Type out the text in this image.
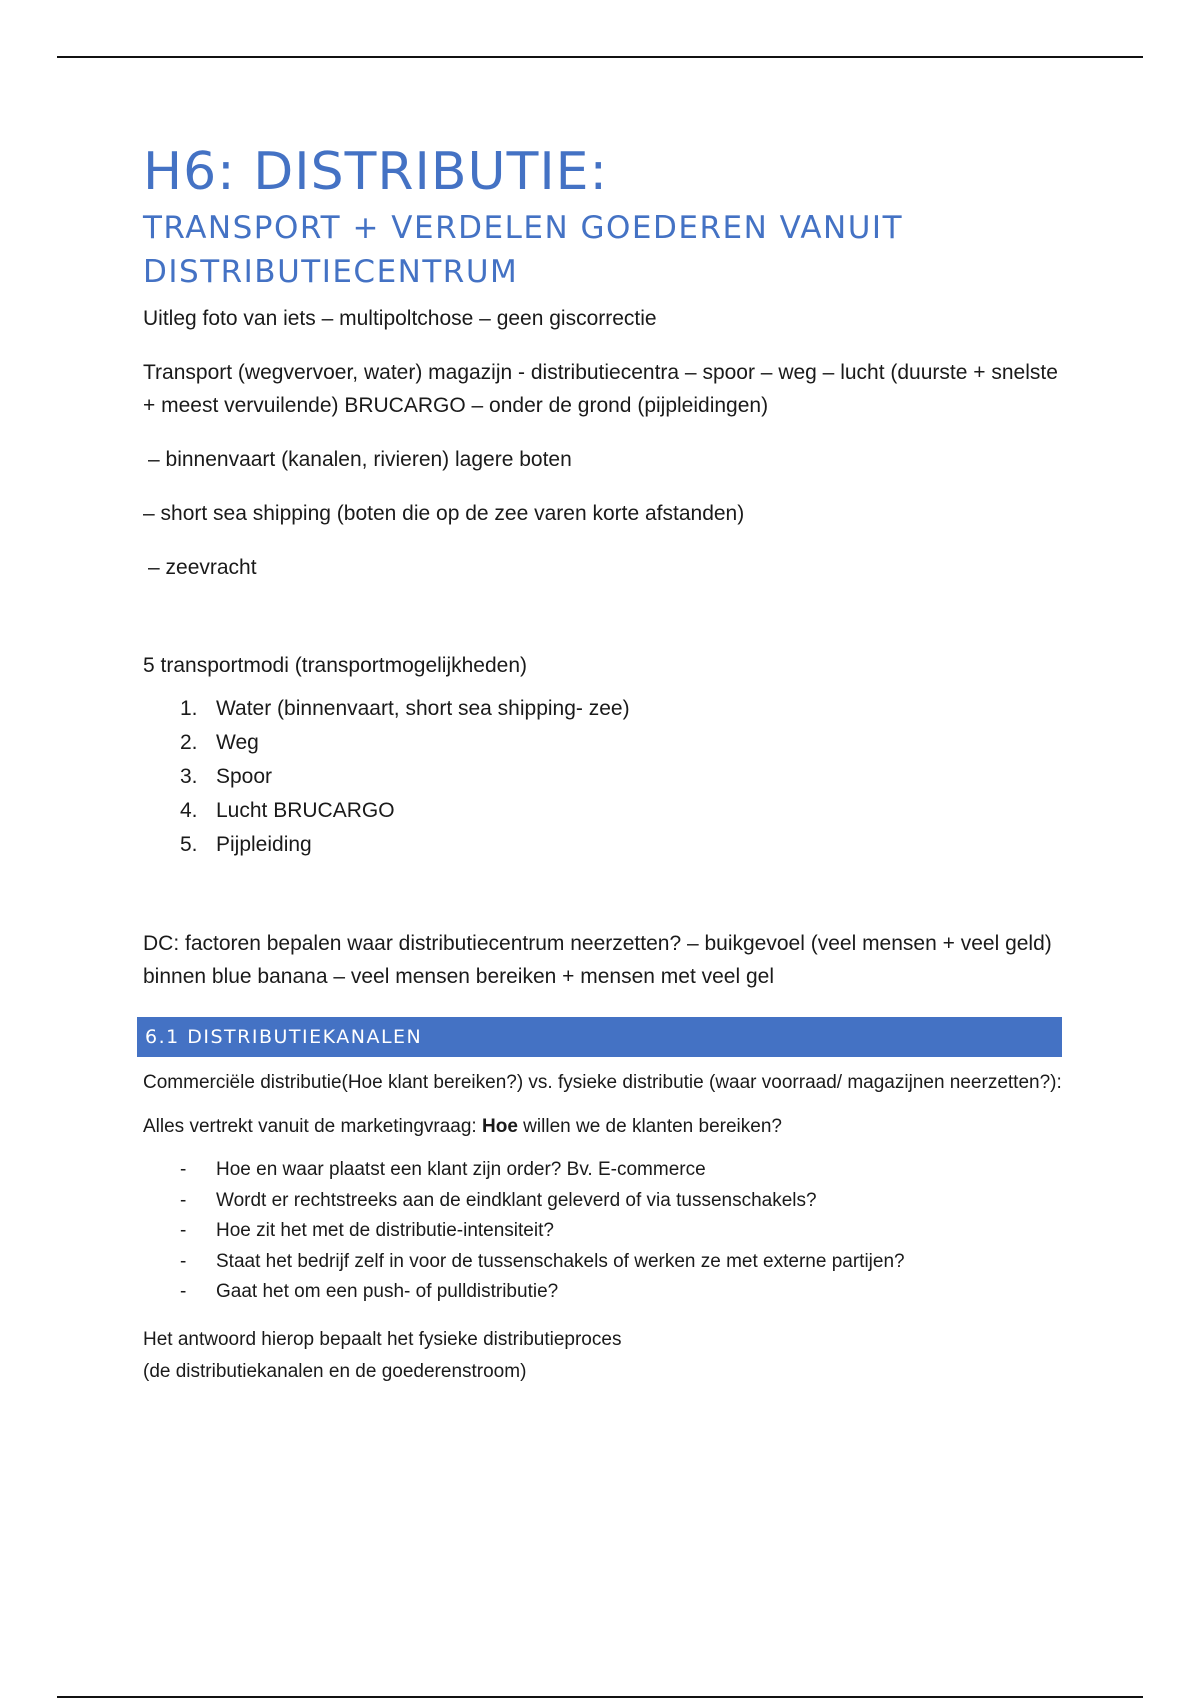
H6: DISTRIBUTIE:
TRANSPORT + VERDELEN GOEDEREN VANUIT DISTRIBUTIECENTRUM

Uitleg foto van iets – multipoltchose – geen giscorrectie

Transport (wegvervoer, water) magazijn - distributiecentra – spoor – weg – lucht (duurste + snelste + meest vervuilende) BRUCARGO – onder de grond (pijpleidingen)

– binnenvaart (kanalen, rivieren) lagere boten

– short sea shipping (boten die op de zee varen korte afstanden)

– zeevracht

5 transportmodi (transportmogelijkheden)

1. Water (binnenvaart, short sea shipping- zee)
2. Weg
3. Spoor
4. Lucht BRUCARGO
5. Pijpleiding

DC: factoren bepalen waar distributiecentrum neerzetten? – buikgevoel (veel mensen + veel geld) binnen blue banana – veel mensen bereiken + mensen met veel gel

6.1 DISTRIBUTIEKANALEN

Commerciële distributie(Hoe klant bereiken?) vs. fysieke distributie (waar voorraad/ magazijnen neerzetten?):

Alles vertrekt vanuit de marketingvraag: Hoe willen we de klanten bereiken?

- Hoe en waar plaatst een klant zijn order? Bv. E-commerce
- Wordt er rechtstreeks aan de eindklant geleverd of via tussenschakels?
- Hoe zit het met de distributie-intensiteit?
- Staat het bedrijf zelf in voor de tussenschakels of werken ze met externe partijen?
- Gaat het om een push- of pulldistributie?

Het antwoord hierop bepaalt het fysieke distributieproces

(de distributiekanalen en de goederenstroom)
